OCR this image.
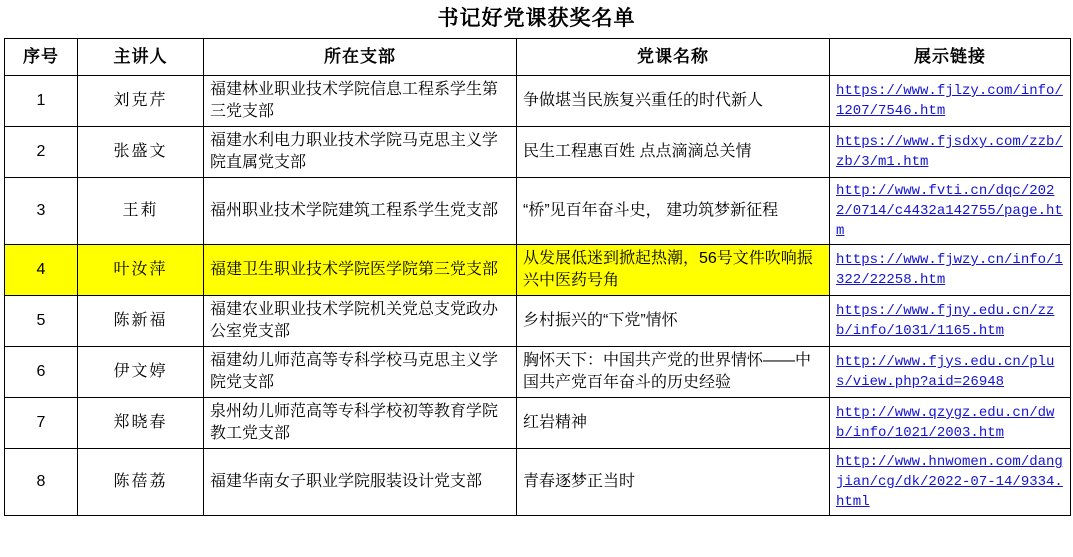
书记好党课获奖名单
序号	主讲人	所在支部	党课名称	展示链接
1	刘克芹	福建林业职业技术学院信息工程系学生第三党支部	争做堪当民族复兴重任的时代新人	https://www.fjlzy.com/info/1207/7546.htm

2	张盛文	福建水利电力职业技术学院马克思主义学院直属党支部	民生工程惠百姓 点点滴滴总关情	https://www.fjsdxy.com/zzb/zb/3/m1.htm

3	王莉	福州职业技术学院建筑工程系学生党支部	“桥”见百年奋斗史， 建功筑梦新征程	http://www.fvti.cn/dqc/2022/0714/c4432a142755/page.htm

4	叶汝萍	福建卫生职业技术学院医学院第三党支部	从发展低迷到掀起热潮，56号文件吹响振兴中医药号角	https://www.fjwzy.cn/info/1322/22258.htm

5	陈新福	福建农业职业技术学院机关党总支党政办公室党支部	乡村振兴的“下党”情怀	https://www.fjny.edu.cn/zzb/info/1031/1165.htm

6	伊文婷	福建幼儿师范高等专科学校马克思主义学院党支部	胸怀天下：中国共产党的世界情怀——中国共产党百年奋斗的历史经验	http://www.fjys.edu.cn/plus/view.php?aid=26948

7	郑晓春	泉州幼儿师范高等专科学校初等教育学院教工党支部	红岩精神	http://www.qzygz.edu.cn/dwb/info/1021/2003.htm

8	陈蓓荔	福建华南女子职业学院服装设计党支部	青春逐梦正当时	http://www.hnwomen.com/dangjian/cg/dk/2022-07-14/9334.html
